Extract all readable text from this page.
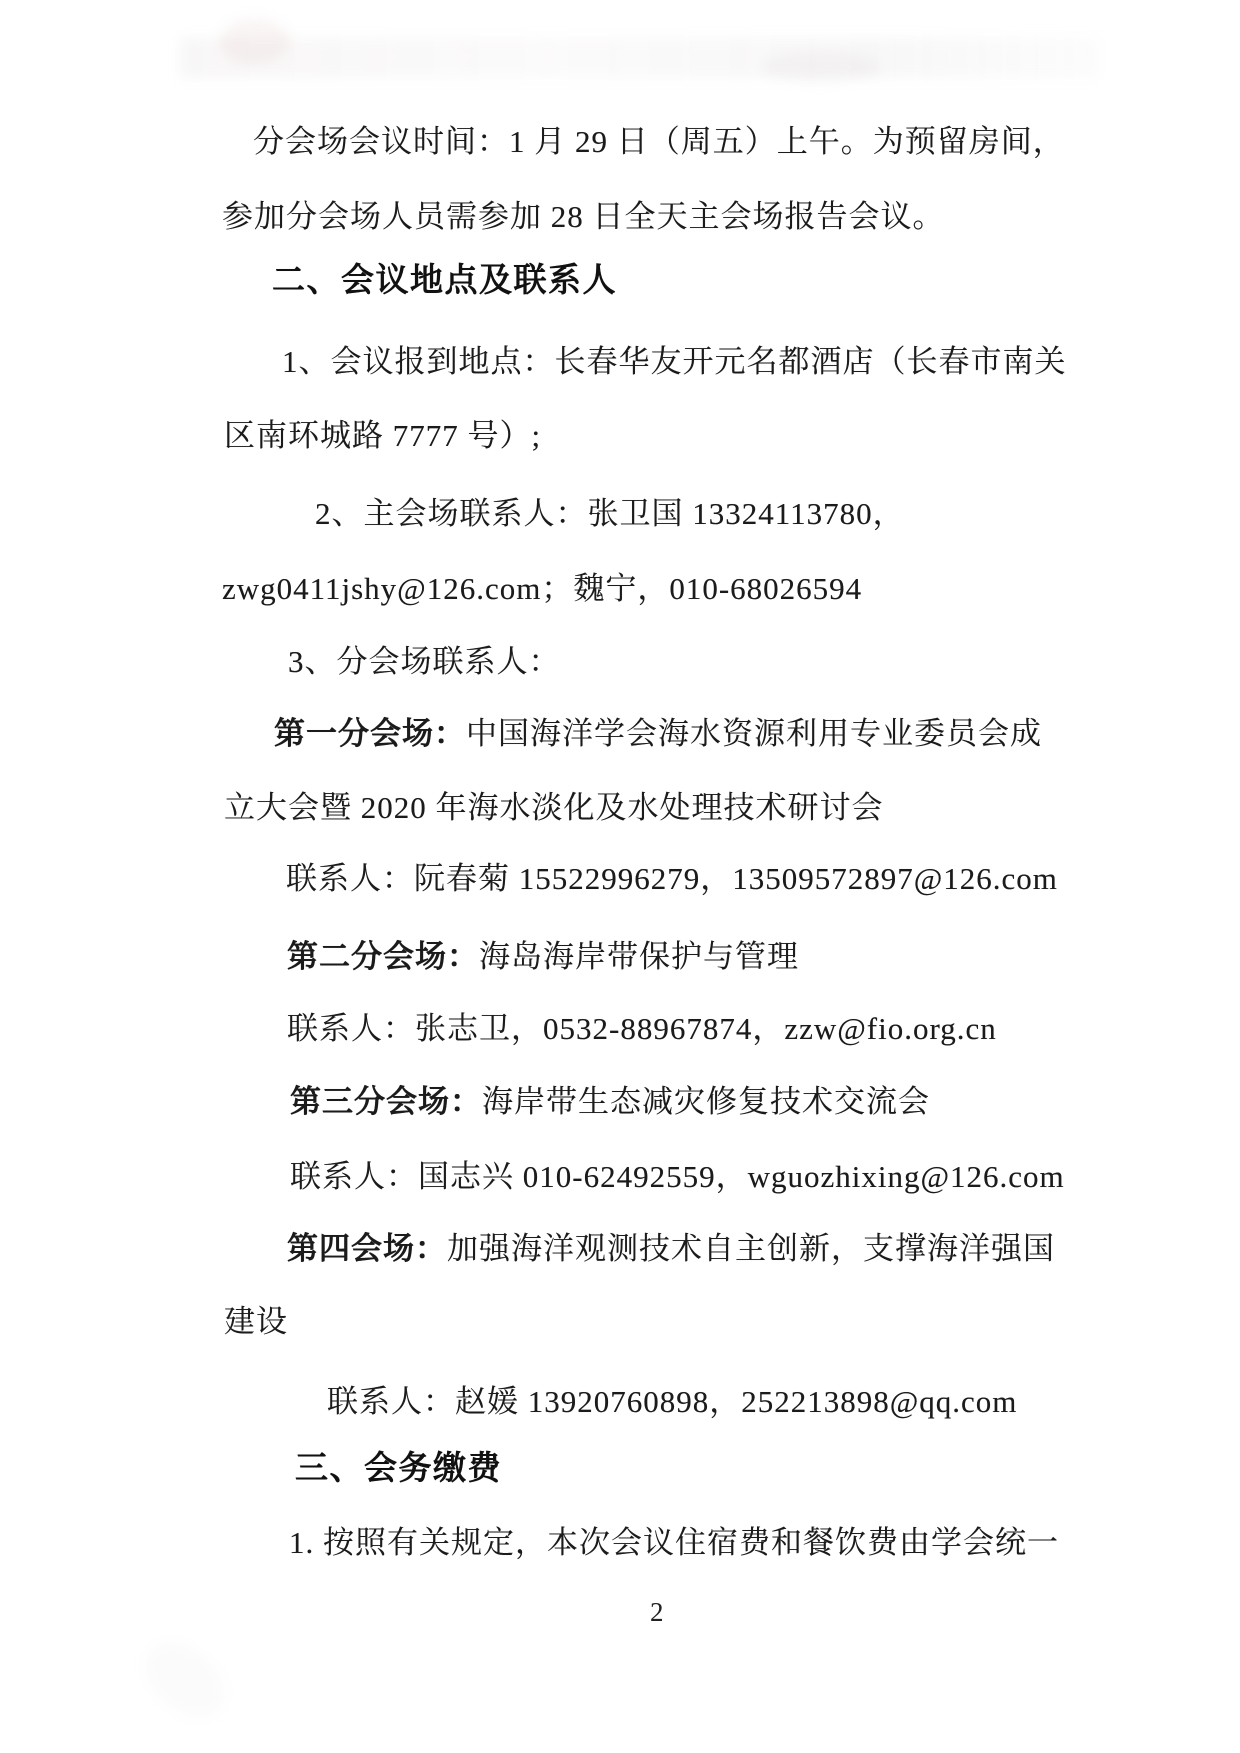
分会场会议时间：1 月 29 日（周五）上午。为预留房间，
参加分会场人员需参加 28 日全天主会场报告会议。
二、会议地点及联系人
1、会议报到地点：长春华友开元名都酒店（长春市南关
区南环城路 7777 号）;
2、主会场联系人：张卫国 13324113780，
zwg0411jshy@126.com；魏宁，010-68026594
3、分会场联系人：
第一分会场：中国海洋学会海水资源利用专业委员会成
立大会暨 2020 年海水淡化及水处理技术研讨会
联系人：阮春菊 15522996279，13509572897@126.com
第二分会场：海岛海岸带保护与管理
联系人：张志卫，0532-88967874，zzw@fio.org.cn
第三分会场：海岸带生态减灾修复技术交流会
联系人：国志兴 010-62492559，wguozhixing@126.com
第四会场：加强海洋观测技术自主创新，支撑海洋强国
建设
联系人：赵媛 13920760898，252213898@qq.com
三、会务缴费
1. 按照有关规定，本次会议住宿费和餐饮费由学会统一
2
